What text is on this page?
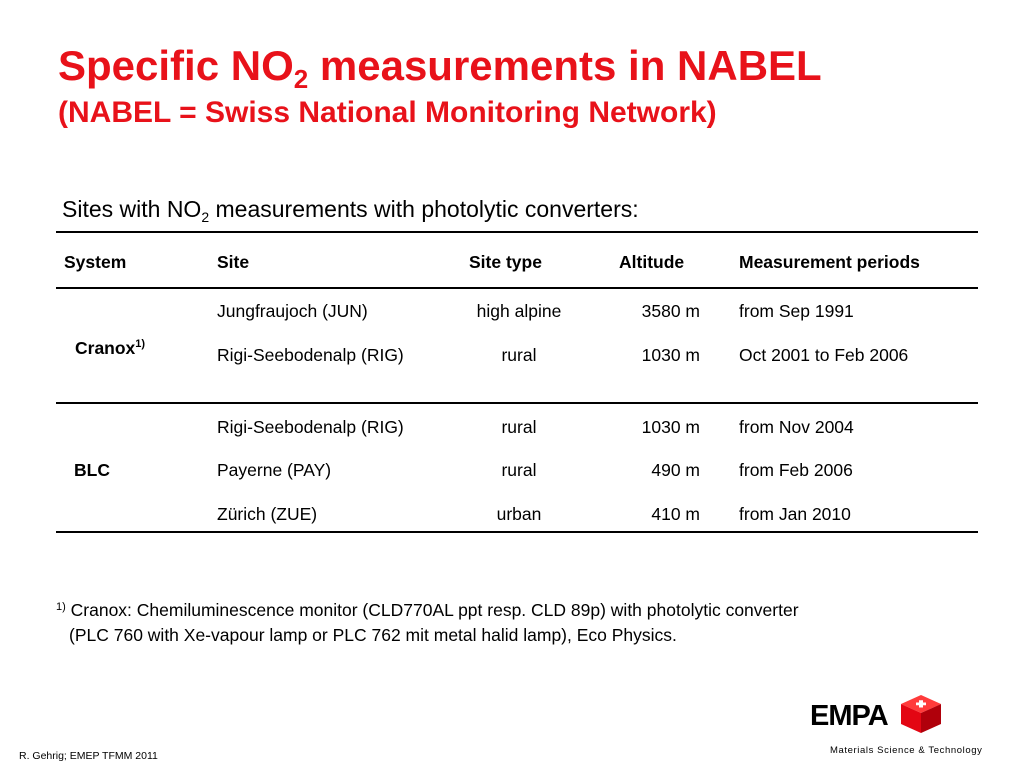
Specific $NO_2$ measurements in NABEL
(NABEL = Swiss National Monitoring Network)
Sites with $NO_2$ measurements with photolytic converters:
System	Site	Site type	Altitude	Measurement periods
Cranox$^{1)}$
Jungfraujoch (JUN)	high alpine	3580 m from Sep 1991
Rigi-Seebodenalp (RIG)	rural	1030 m Oct 2001 to Feb 2006
BLC
Rigi-Seebodenalp (RIG)	rural	1030 m from Nov 2004
Payerne (PAY)	rural	490 m from Feb 2006
Zürich (ZUE)	urban	410 m from Jan 2010
$^{1)}$ Cranox: Chemiluminescence monitor (CLD770AL ppt resp. CLD 89p) with photolytic converter
(PLC 760 with Xe-vapour lamp or PLC 762 mit metal halid lamp), Eco Physics.
EMPA
Materials Science & Technology
R. Gehrig; EMEP TFMM 2011
